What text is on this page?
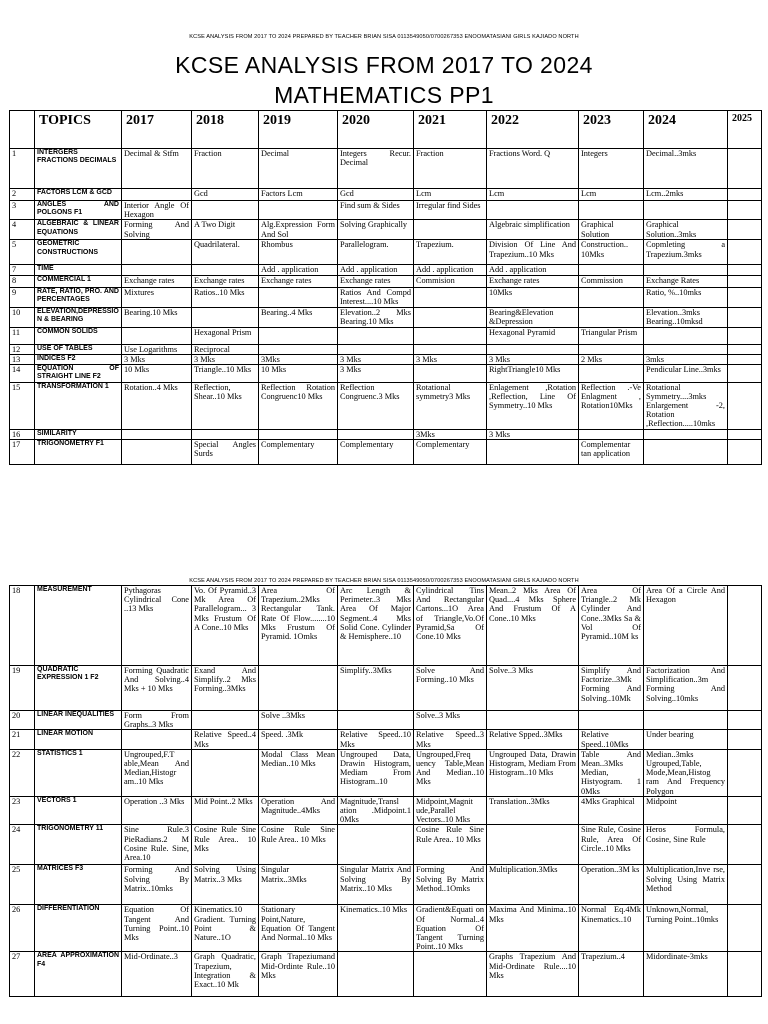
KCSE ANALYSIS FROM 2017 TO 2024 PREPARED BY TEACHER BRIAN SISA 0113549050/0700267353 ENOOMATASIANI GIRLS KAJIADO NORTH
KCSE ANALYSIS FROM 2017 TO 2024
MATHEMATICS PP1
	TOPICS	2017	2018	2019	2020	2021	2022	2023	2024	2025
1	INTERGERS FRACTIONS DECIMALS	Decimal & Stfm	Fraction	Decimal	Integers Recur. Decimal	Fraction	Fractions Word. Q	Integers	Decimal..3mks	
2	FACTORS LCM & GCD		Gcd	Factors Lcm	Gcd	Lcm	Lcm	Lcm	Lcm..2mks	
3	ANGLES AND POLGONS F1	Interior Angle Of Hexagon			Find sum & Sides	Irregular find Sides				
4	ALGEBRAIC & LINEAR EQUATIONS	Forming And Solving	A Two Digit	Alg.Expression Form And Sol	Solving Graphically		Algebraic simplification	Graphical Solution	Graphical Solution..3mks	
5	GEOMETRIC CONSTRUCTIONS		Quadrilateral.	Rhombus	Parallelogram.	Trapezium.	Division Of Line And Trapezium..10 Mks	Construction.. 10Mks	Copmleting a Trapezium.3mks	
7	TIME			Add . application	Add . application	Add . application	Add . application			
8	COMMERCIAL 1	Exchange rates	Exchange rates	Exchange rates	Exchange rates	Commision	Exchange rates	Commission	Exchange Rates	
9	RATE, RATIO, PRO. AND PERCENTAGES	Mixtures	Ratios..10 Mks		Ratios And Compd Interest....10 Mks		10Mks		Ratio, %..10mks	
10	ELEVATION,DEPRESSION & BEARING	Bearing.10 Mks		Bearing..4 Mks	Elevation..2 Mks Bearing.10 Mks		Bearing&Elevation &Depression		Elevation..3mks Bearing..10mksd	
11	COMMON SOLIDS		Hexagonal Prism				Hexagonal Pyramid	Triangular Prism		
12	USE OF TABLES	Use Logarithms	Reciprocal							
13	INDICES F2	3 Mks	3 Mks	3Mks	3 Mks	3 Mks	3 Mks	2 Mks	3mks	
14	EQUATION OF STRAIGHT LINE F2	10 Mks	Triangle..10 Mks	10 Mks	3 Mks		RightTriangle10 Mks		Pendicular Line..3mks	
15	TRANSFORMATION 1	Rotation..4 Mks	Reflection, Shear..10 Mks	Reflection Rotation Congruenc10 Mks	Reflection Congruenc.3 Mks	Rotational symmetry3 Mks	Enlagement ,Rotation ,Reflection, Line Of Symmetry..10 Mks	Reflection .-Ve Enlagment , Rotation10Mks	Rotational Symmetry....3mks Enlargement -2, Rotation ,Reflection.....10mks	
16	SIMILARITY					3Mks	3 Mks			
17	TRIGONOMETRY F1		Special Angles Surds	Complementary	Complementary	Complementary		Complementar tan application		
KCSE ANALYSIS FROM 2017 TO 2024 PREPARED BY TEACHER BRIAN SISA 0113549050/0700267353 ENOOMATASIANI GIRLS KAJIADO NORTH
18	MEASUREMENT	Pythagoras Cylindrical Cone ..13 Mks	Vo. Of Pyramid..3 Mk Area Of Parallelogram... 3 Mks Frustum Of A Cone..10 Mks	Area Of Trapezium..2Mks Rectangular Tank. Rate Of Flow........10 Mks Frustum Of Pyramid. 1Omks	Arc Length & Perimeter..3 Mks Area Of Major Segment..4 Mks Solid Cone. Cylinder & Hemisphere..10	Cylindrical Tins And Rectangular Cartons...1O Area of Triangle,Vo.Of Pyramid,Sa Of Cone.10 Mks	Mean..2 Mks Area Of Quad....4 Mks Sphere And Frustum Of A Cone..10 Mks	Area Of Triangle..2 Mk Cylinder And Cone..3Mks Sa & Vol Of Pyramid..10M ks	Area Of a Circle And Hexagon	
19	QUADRATIC EXPRESSION 1 F2	Forming Quadratic And Solving..4 Mks + 10 Mks	Exand And Simplify..2 Mks Forming..3Mks		Simplify..3Mks	Solve And Forming..10 Mks	Solve..3 Mks	Simplify And Factorize..3Mk Forming And Solving..10Mk	Factorization And Simplification..3m Forming And Solving..10mks	
20	LINEAR INEQUALITIES	Form From Graphs..3 Mks		Solve ..3Mks		Solve..3 Mks				
21	LINEAR MOTION		Relative Speed..4 Mks	Speed. .3Mk	Relative Speed..10 Mks	Relative Speed..3 Mks	Relative Spped..3Mks	Relative Speed..10Mks	Under bearing	
22	STATISTICS 1	Ungrouped,F.T able,Mean And Median,Histogr am..10 Mks		Modal Class Mean Median..10 Mks	Ungrouped Data, Drawin Histogram, Mediam From Histogram..10	Ungrouped,Freq uency Table,Mean And Median..10 Mks	Ungrouped Data, Drawin Histogram, Mediam From Histogram..10 Mks	Table And Mean..3Mks Median, Histyogram. 1 0Mks	Median..3mks Ugrouped,Table, Mode,Mean,Histog ram And Frequency Polygon	
23	VECTORS 1	Operation ..3 Mks	Mid Point..2 Mks	Operation And Magnitude..4Mks	Magnitude,Transl ation .Midpoint.1 0Mks	Midpoint,Magnit ude,Parallel Vectors..10 Mks	Translation..3Mks	4Mks Graphical	Midpoint	
24	TRIGONOMETRY 11	Sine Rule.3 PieRadians.2 M Cosine Rule. Sine, Area.10	Cosine Rule Sine Rule Area.. 10 Mks	Cosine Rule Sine Rule Area.. 10 Mks		Cosine Rule Sine Rule Area.. 10 Mks		Sine Rule, Cosine Rule, Area Of Circle..10 Mks	Heros Formula, Cosine, Sine Rule	
25	MATRICES F3	Forming And Solving By Matrix..10mks	Solving Using Matrix..3 Mks	Singular Matrix..3Mks	Singular Matrix And Solving By Matrix..10 Mks	Forming And Solving By Matrix Method..1Omks	Multiplication.3Mks	Operation..3M ks	Multiplication,Inve rse, Solving Using Matrix Method	
26	DIFFERENTIATION	Equation Of Tangent And Turning Point..10 Mks	Kinematics.10 Gradient. Turning Point & Nature..1O	Stationary Point,Nature, Equation Of Tangent And Normal..10 Mks	Kinematics..10 Mks	Gradient&Equati on Of Normal..4 Equation Of Tangent Turning Point..10 Mks	Maxima And Minima..10 Mks	Normal Eq.4Mk Kinematics..10	Unknown,Normal, Turning Point..10mks	
27	AREA APPROXIMATION F4	Mid-Ordinate..3	Graph Quadratic, Trapezium, Integration & Exact..10 Mk	Graph Trapeziumand Mid-Ordinte Rule..10 Mks			Graphs Trapezium And Mid-Ordinate Rule....10 Mks	Trapezium..4	Midordinate-3mks	
